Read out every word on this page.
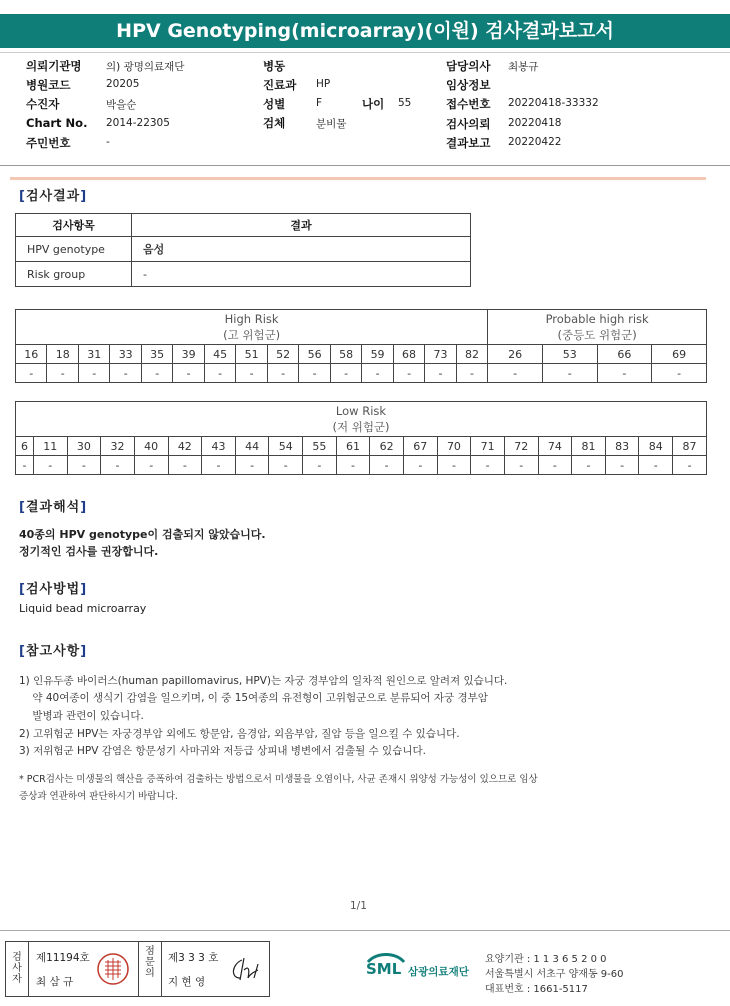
HPV Genotyping(microarray)(이원) 검사결과보고서
의뢰기관명 의) 광명의료재단
병원코드	20205
수진자	박을순
Chart No. 2014-22305
주민번호	-
병동
진료과 HP
성별	F	나이 55
검체	분비물
담당의사 최봉규
임상정보
접수번호 20220418-33332
검사의뢰 20220418
결과보고 20220422
[검사결과]
검사항목	결과
HPV genotype	음성
Risk group	-
High Risk
(고 위험군)															Probable high risk
(중등도 위험군)			
16	18	31	33	35	39	45	51	52	56	58	59	68	73	82	26	53	66	69
-	-	-	-	-	-	-	-	-	-	-	-	-	-	-	-	-	-	-
Low Risk
(저 위험군)																				
6	11	30	32	40	42	43	44	54	55	61	62	67	70	71	72	74	81	83	84	87
-	-	-	-	-	-	-	-	-	-	-	-	-	-	-	-	-	-	-	-	-
[결과해석]
40종의 HPV genotype이 검출되지 않았습니다.
정기적인 검사를 권장합니다.
[검사방법]
Liquid bead microarray
[참고사항]
1) 인유두종 바이러스(human papillomavirus, HPV)는 자궁 경부암의 일차적 원인으로 알려져 있습니다.
약 40여종이 생식기 감염을 일으키며, 이 중 15여종의 유전형이 고위험군으로 분류되어 자궁 경부암
발병과 관련이 있습니다.
2) 고위험군 HPV는 자궁경부암 외에도 항문암, 음경암, 외음부암, 질암 등을 일으킬 수 있습니다.
3) 저위험군 HPV 감염은 항문성기 사마귀와 저등급 상피내 병변에서 검출될 수 있습니다.
* PCR검사는 미생물의 핵산을 증폭하여 검출하는 방법으로서 미생물을 오염이나, 사균 존재시 위양성 가능성이 있으므로 임상
증상과 연관하여 판단하시기 바랍니다.
1/1
검
사
자
제11194호
최 삼 규
점
문
의
제3 3 3 호
지 현 영
SML 삼광의료재단
요양기관 : 1 1 3 6 5 2 0 0
서울특별시 서초구 양재동 9-60
대표번호 : 1661-5117
